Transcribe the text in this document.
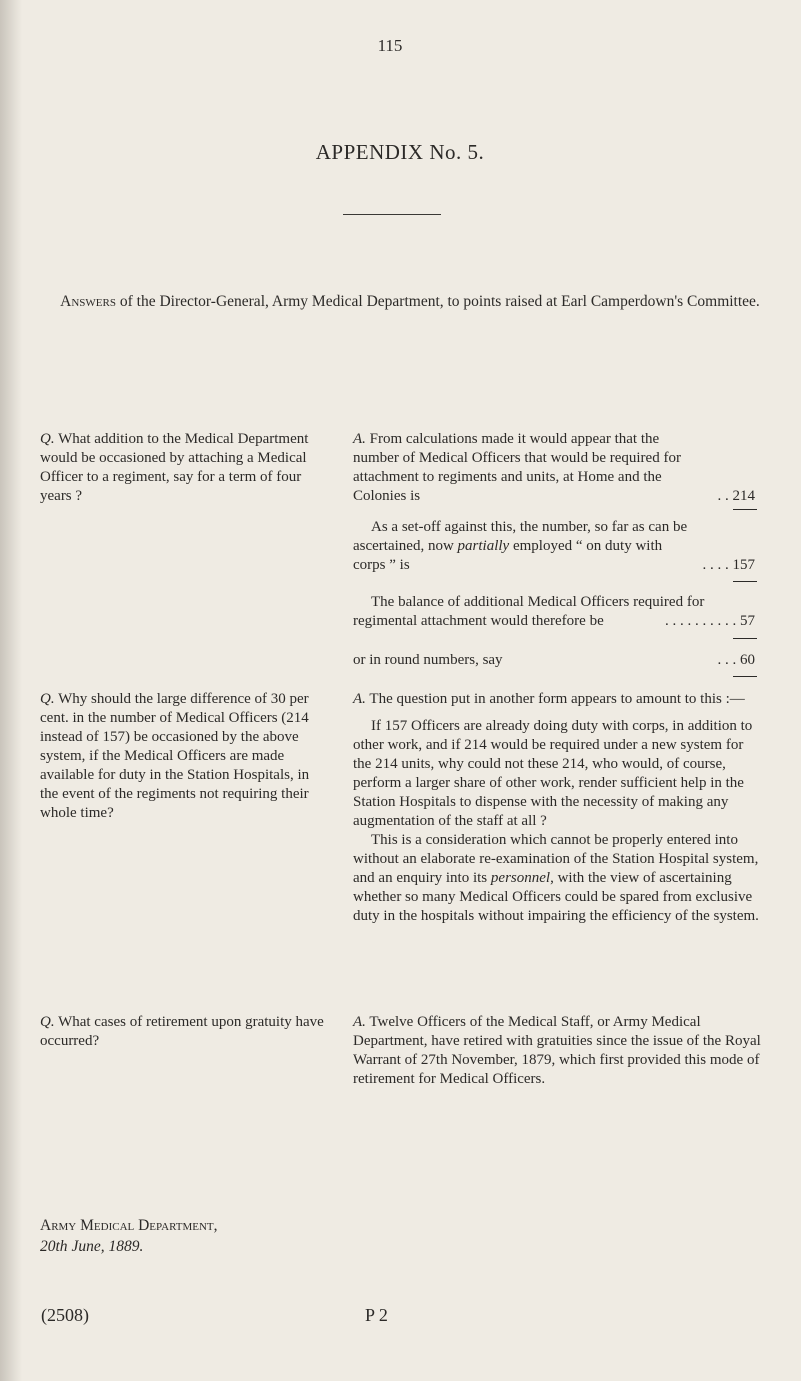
115
APPENDIX No. 5.
Answers of the Director-General, Army Medical Department, to points raised at Earl Camperdown's Committee.
Q. What addition to the Medical Department would be occasioned by attaching a Medical Officer to a regiment, say for a term of four years ?

A. From calculations made it would appear that the number of Medical Officers that would be required for attachment to regiments and units, at Home and the Colonies is	. . 214

As a set-off against this, the number, so far as can be ascertained, now partially employed “ on duty with corps ” is	. . . . 157

The balance of additional Medical Officers required for regimental attachment would therefore be	. . . . . . . . . . 57

or in round numbers, say	. . . 60

Q. Why should the large difference of 30 per cent. in the number of Medical Officers (214 instead of 157) be occasioned by the above system, if the Medical Officers are made available for duty in the Station Hospitals, in the event of the regiments not requiring their whole time?

A. The question put in another form appears to amount to this :—

If 157 Officers are already doing duty with corps, in addition to other work, and if 214 would be required under a new system for the 214 units, why could not these 214, who would, of course, perform a larger share of other work, render sufficient help in the Station Hospitals to dispense with the necessity of making any augmentation of the staff at all ?

This is a consideration which cannot be properly entered into without an elaborate re-examination of the Station Hospital system, and an enquiry into its personnel, with the view of ascertaining whether so many Medical Officers could be spared from exclusive duty in the hospitals without impairing the efficiency of the system.

Q. What cases of retirement upon gratuity have occurred?
A. Twelve Officers of the Medical Staff, or Army Medical Department, have retired with gratuities since the issue of the Royal Warrant of 27th November, 1879, which first provided this mode of retirement for Medical Officers.
Army Medical Department,
20th June, 1889.
(2508)	P 2
